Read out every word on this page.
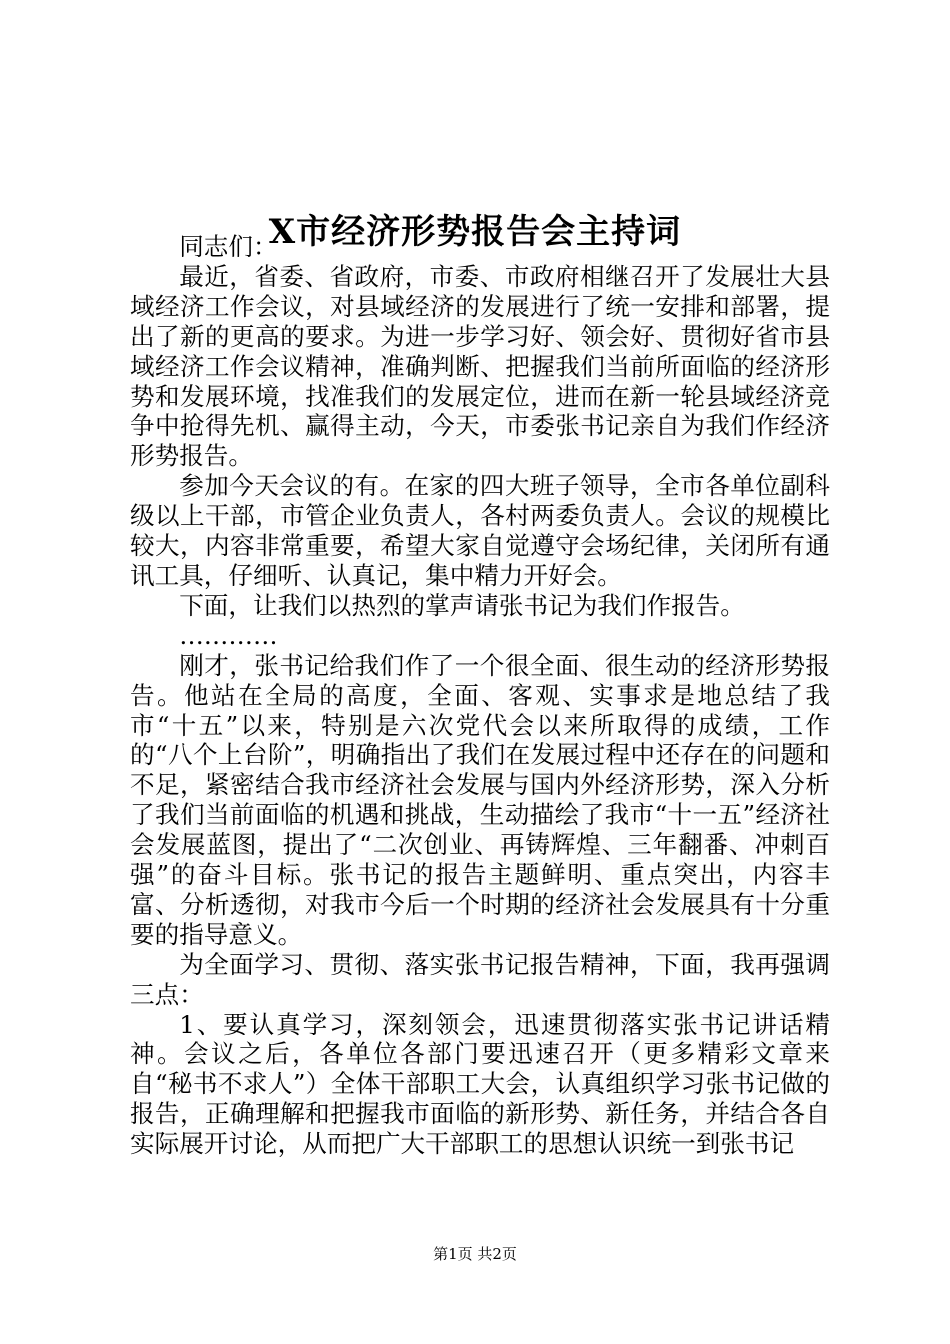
X市经济形势报告会主持词

同志们：

最近，省委、省政府，市委、市政府相继召开了发展壮大县域经济工作会议，对县域经济的发展进行了统一安排和部署，提出了新的更高的要求。为进一步学习好、领会好、贯彻好省市县域经济工作会议精神，准确判断、把握我们当前所面临的经济形势和发展环境，找准我们的发展定位，进而在新一轮县域经济竞争中抢得先机、赢得主动，今天，市委张书记亲自为我们作经济形势报告。

参加今天会议的有。在家的四大班子领导，全市各单位副科级以上干部，市管企业负责人，各村两委负责人。会议的规模比较大，内容非常重要，希望大家自觉遵守会场纪律，关闭所有通讯工具，仔细听、认真记，集中精力开好会。

下面，让我们以热烈的掌声请张书记为我们作报告。

…………

刚才，张书记给我们作了一个很全面、很生动的经济形势报告。他站在全局的高度，全面、客观、实事求是地总结了我市“十五”以来，特别是六次党代会以来所取得的成绩，工作的“八个上台阶”，明确指出了我们在发展过程中还存在的问题和不足，紧密结合我市经济社会发展与国内外经济形势，深入分析了我们当前面临的机遇和挑战，生动描绘了我市“十一五”经济社会发展蓝图，提出了“二次创业、再铸辉煌、三年翻番、冲刺百强”的奋斗目标。张书记的报告主题鲜明、重点突出，内容丰富、分析透彻，对我市今后一个时期的经济社会发展具有十分重要的指导意义。

为全面学习、贯彻、落实张书记报告精神，下面，我再强调三点：

1、要认真学习，深刻领会，迅速贯彻落实张书记讲话精神。会议之后，各单位各部门要迅速召开（更多精彩文章来自“秘书不求人”）全体干部职工大会，认真组织学习张书记做的报告，正确理解和把握我市面临的新形势、新任务，并结合各自实际展开讨论，从而把广大干部职工的思想认识统一到张书记

第1页 共2页
